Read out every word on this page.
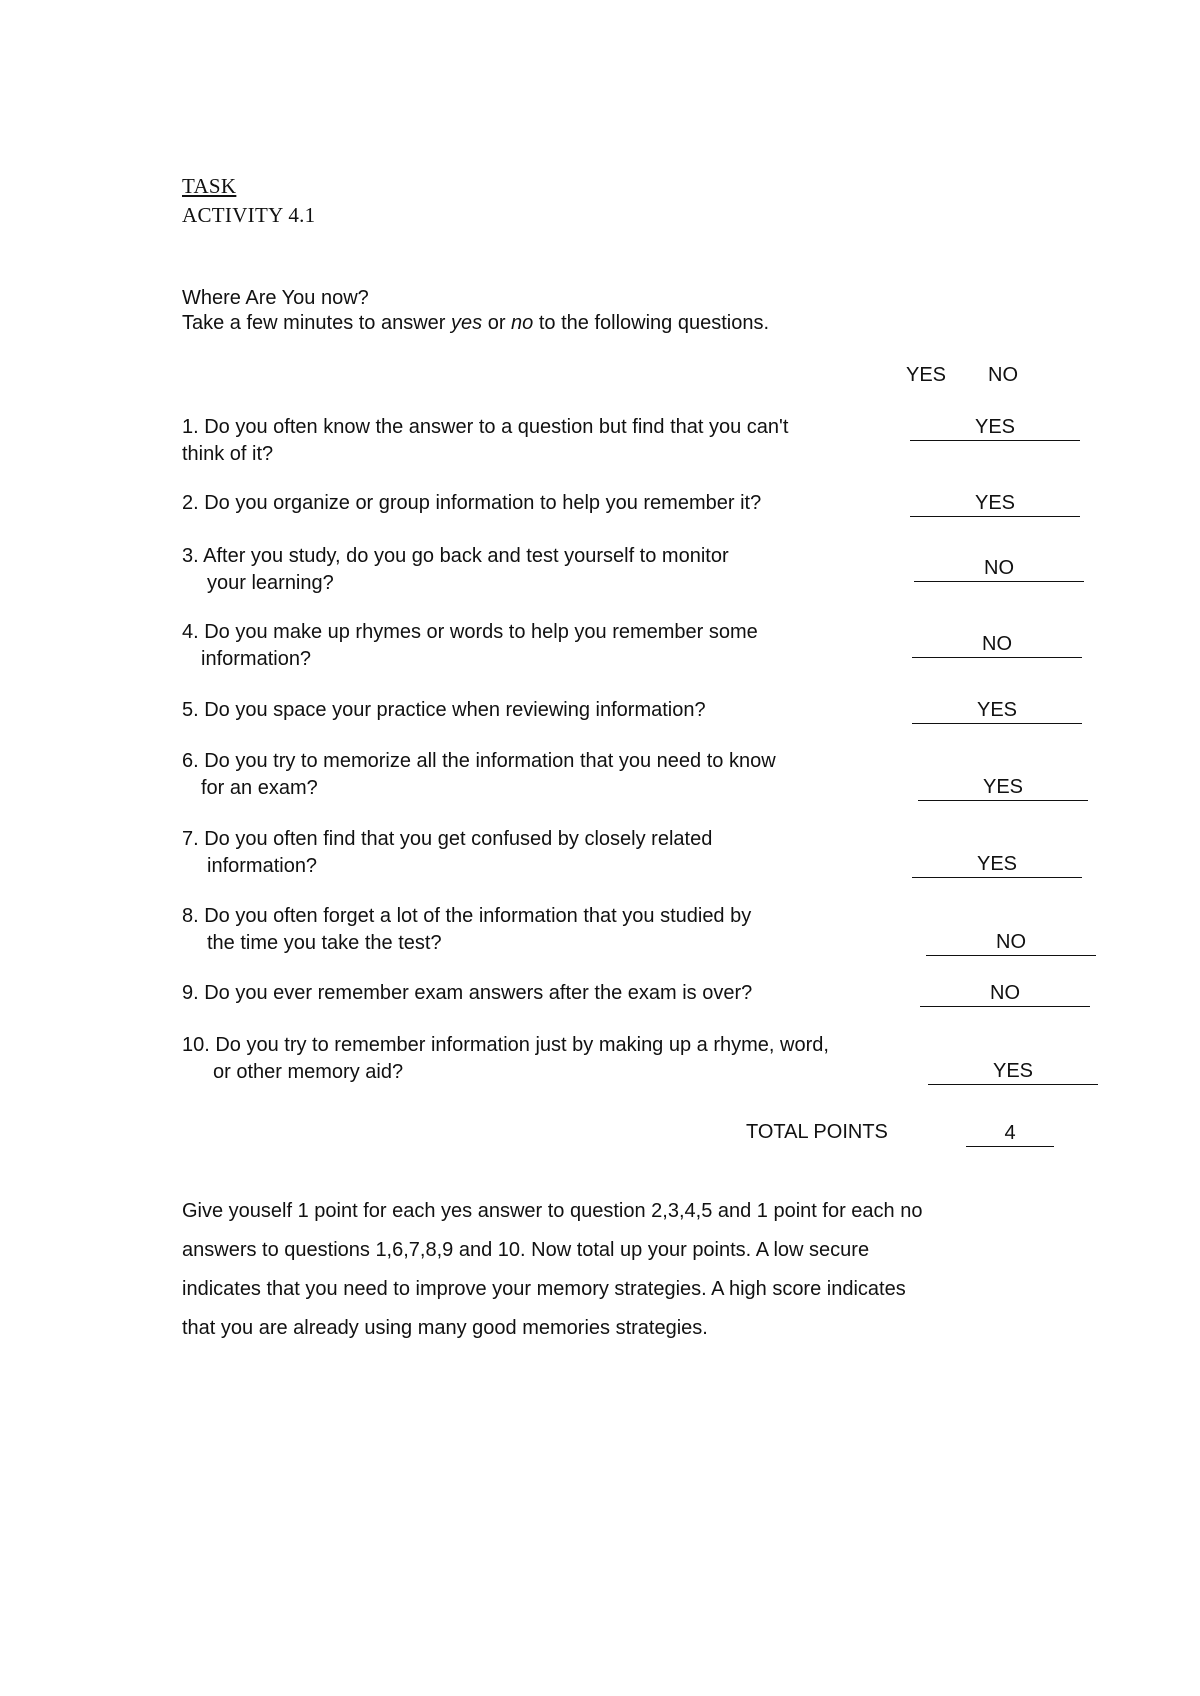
TASK
ACTIVITY 4.1
Where Are You now?
Take a few minutes to answer yes or no to the following questions.
YES NO
1. Do you often know the answer to a question but find that you can't
think of it?
YES
2. Do you organize or group information to help you remember it?	YES
3. After you study, do you go back and test yourself to monitor
your learning?
NO
4. Do you make up rhymes or words to help you remember some
information?
NO
5. Do you space your practice when reviewing information?	YES
6. Do you try to memorize all the information that you need to know
for an exam?	YES
7. Do you often find that you get confused by closely related
information?	YES
8. Do you often forget a lot of the information that you studied by
the time you take the test?	NO
9. Do you ever remember exam answers after the exam is over?	NO
10. Do you try to remember information just by making up a rhyme, word,
or other memory aid?	YES
TOTAL POINTS	4

Give youself 1 point for each yes answer to question 2,3,4,5 and 1 point for each no

answers to questions 1,6,7,8,9 and 10. Now total up your points. A low secure

indicates that you need to improve your memory strategies. A high score indicates

that you are already using many good memories strategies.
